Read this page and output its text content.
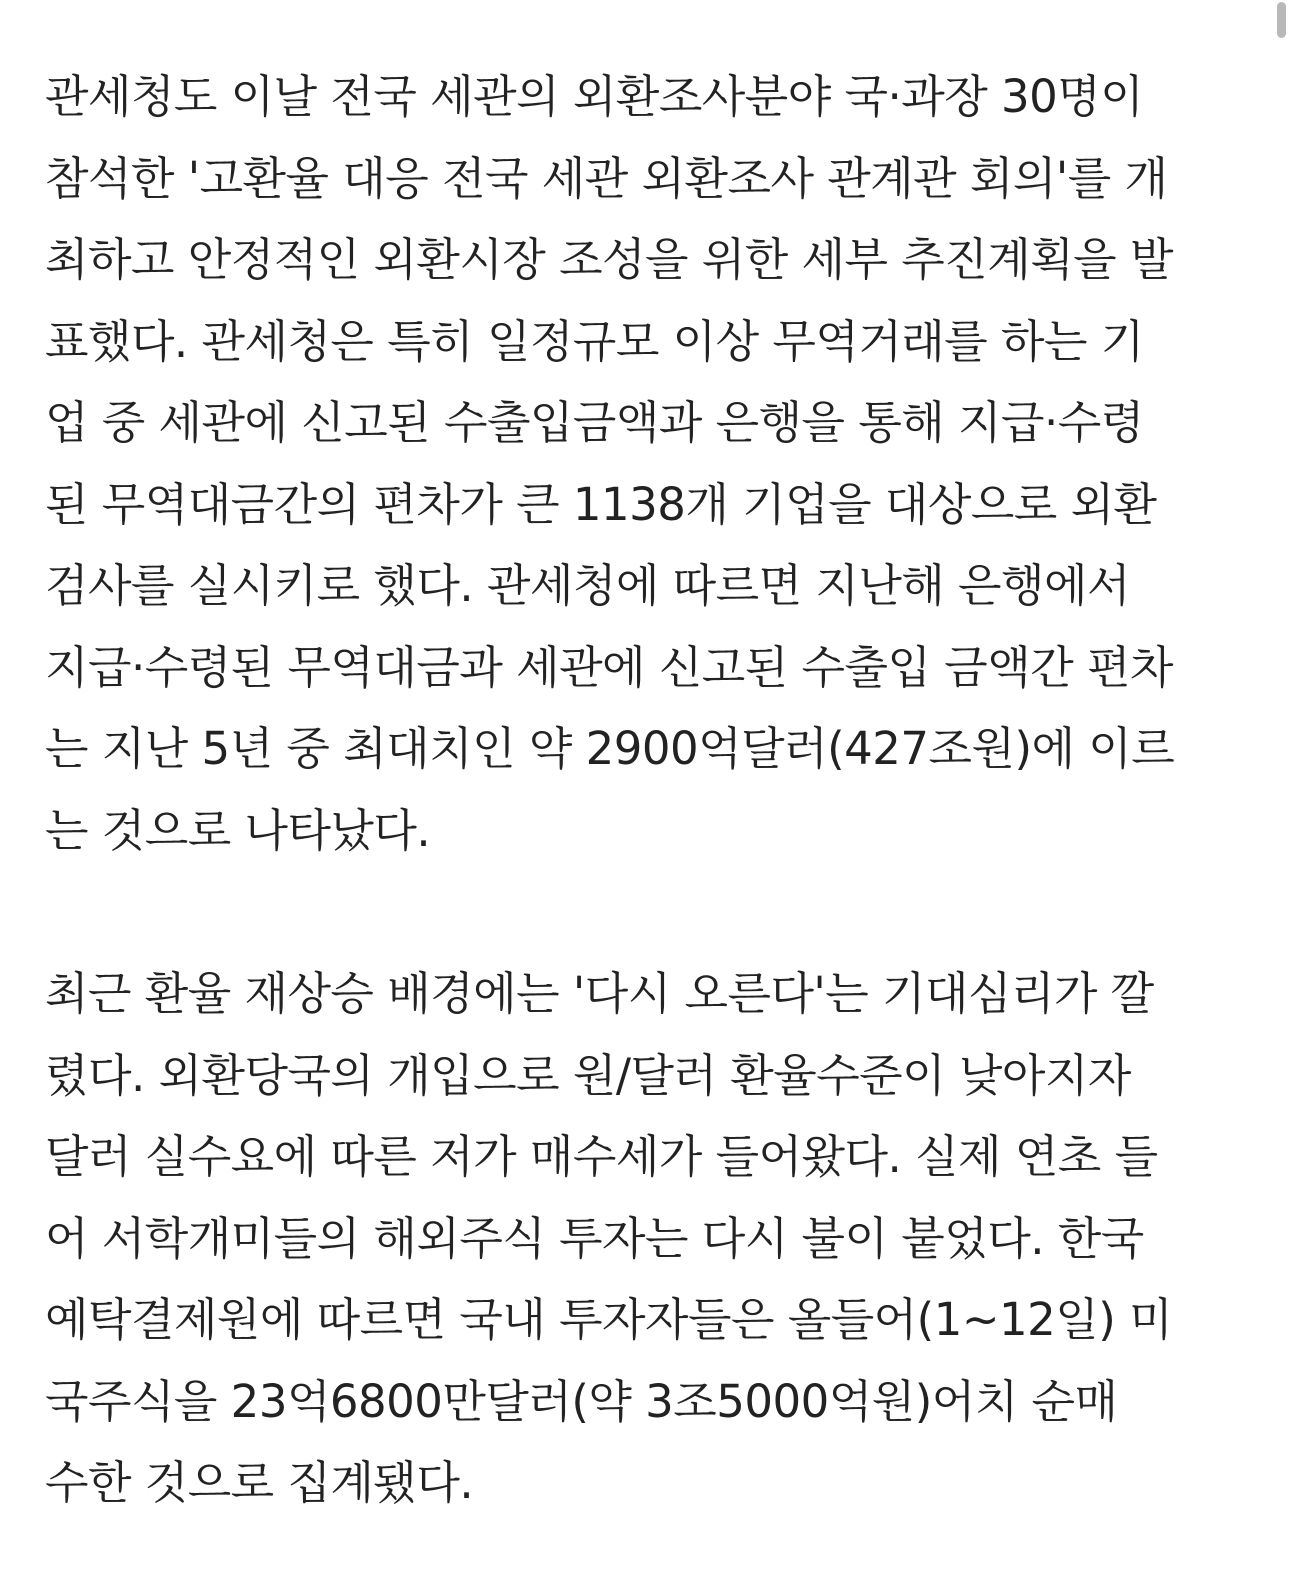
관세청도 이날 전국 세관의 외환조사분야 국·과장 30명이
참석한 '고환율 대응 전국 세관 외환조사 관계관 회의'를 개
최하고 안정적인 외환시장 조성을 위한 세부 추진계획을 발
표했다. 관세청은 특히 일정규모 이상 무역거래를 하는 기
업 중 세관에 신고된 수출입금액과 은행을 통해 지급·수령
된 무역대금간의 편차가 큰 1138개 기업을 대상으로 외환
검사를 실시키로 했다. 관세청에 따르면 지난해 은행에서
지급·수령된 무역대금과 세관에 신고된 수출입 금액간 편차
는 지난 5년 중 최대치인 약 2900억달러(427조원)에 이르
는 것으로 나타났다.
최근 환율 재상승 배경에는 '다시 오른다'는 기대심리가 깔
렸다. 외환당국의 개입으로 원/달러 환율수준이 낮아지자
달러 실수요에 따른 저가 매수세가 들어왔다. 실제 연초 들
어 서학개미들의 해외주식 투자는 다시 불이 붙었다. 한국
예탁결제원에 따르면 국내 투자자들은 올들어(1~12일) 미
국주식을 23억6800만달러(약 3조5000억원)어치 순매
수한 것으로 집계됐다.
